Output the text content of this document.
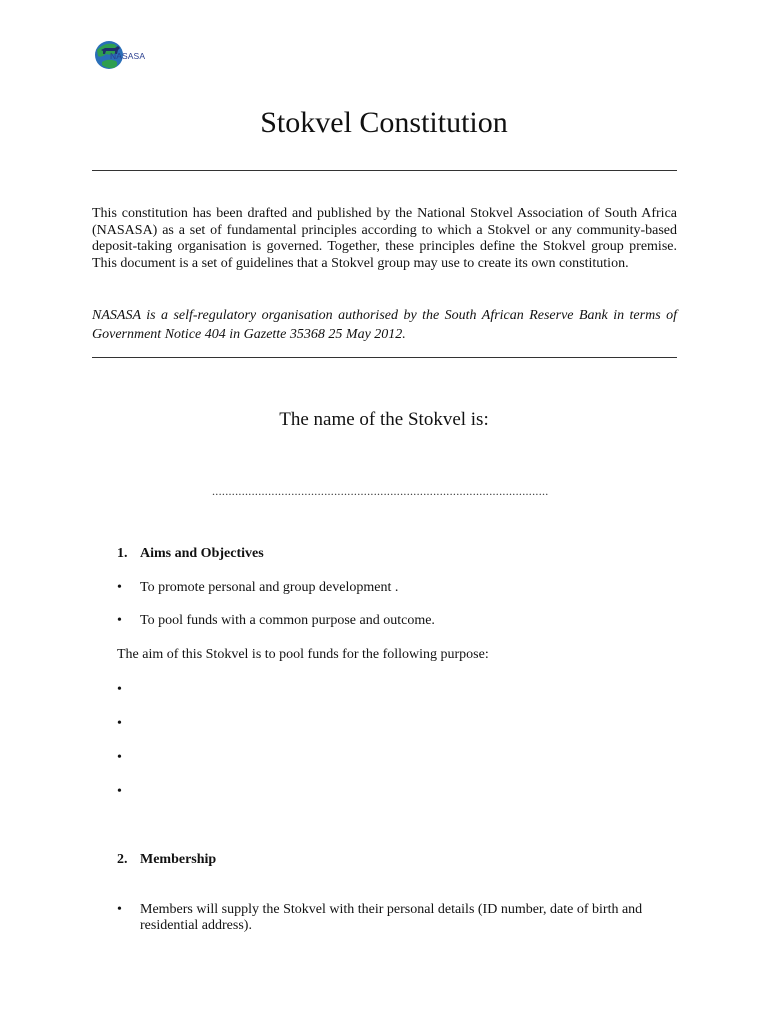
NASASA
Stokvel Constitution

This constitution has been drafted and published by the National Stokvel Association of South Africa (NASASA) as a set of fundamental principles according to which a Stokvel or any community-based deposit-taking organisation is governed. Together, these principles define the Stokvel group premise. This document is a set of guidelines that a Stokvel group may use to create its own constitution.

NASASA is a self-regulatory organisation authorised by the South African Reserve Bank in terms of Government Notice 404 in Gazette 35368 25 May 2012.

The name of the Stokvel is:
......................................................................................................
1. Aims and Objectives
•	To promote personal and group development .
•	To pool funds with a common purpose and outcome.
The aim of this Stokvel is to pool funds for the following purpose:
•
•
•
•
2. Membership
•	Members will supply the Stokvel with their personal details (ID number, date of birth and residential address).
